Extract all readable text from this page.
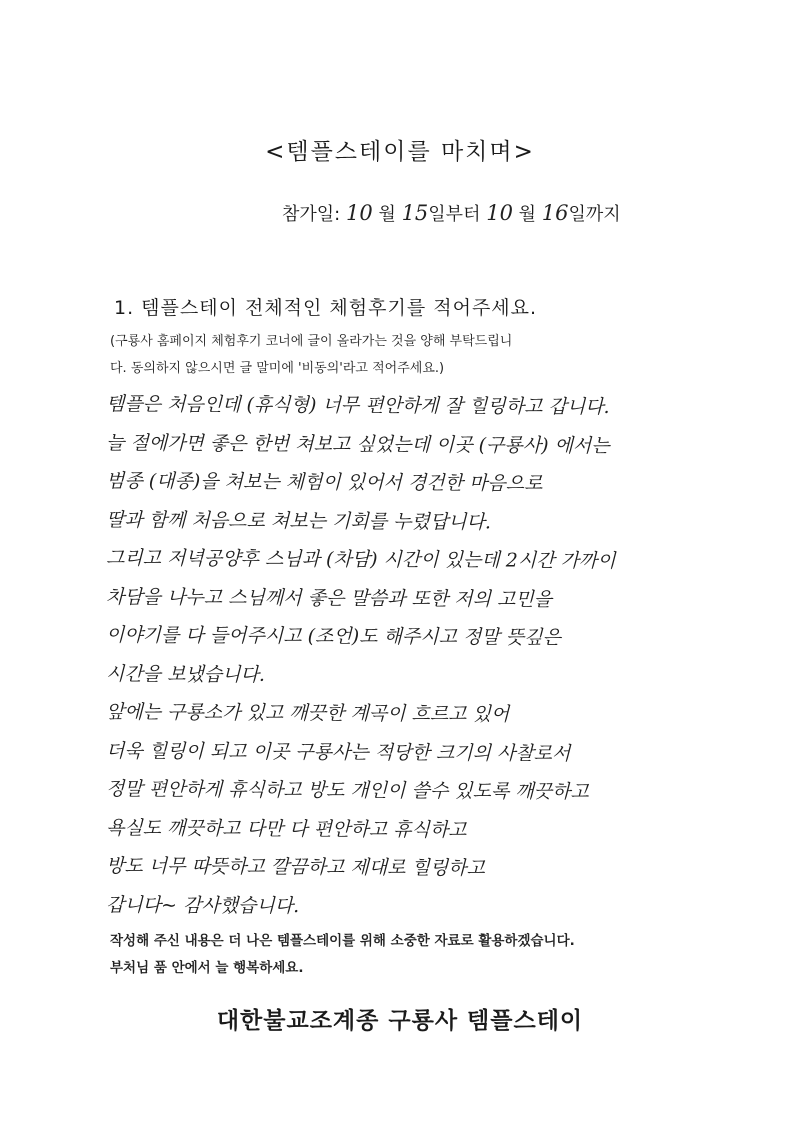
<템플스테이를 마치며>
참가일: 10 월 15일부터 10 월 16일까지
1. 템플스테이 전체적인 체험후기를 적어주세요.
(구룡사 홈페이지 체험후기 코너에 글이 올라가는 것을 양해 부탁드립니
다. 동의하지 않으시면 글 말미에 '비동의'라고 적어주세요.)
템플은 처음인데 (휴식형) 너무 편안하게 잘 힐링하고 갑니다.
늘 절에가면 좋은 한번 쳐보고 싶었는데 이곳 (구룡사) 에서는
범종 (대종)을 쳐보는 체험이 있어서 경건한 마음으로
딸과 함께 처음으로 쳐보는 기회를 누렸답니다.
그리고 저녁공양후 스님과 (차담) 시간이 있는데 2시간 가까이
차담을 나누고 스님께서 좋은 말씀과 또한 저의 고민을
이야기를 다 들어주시고 (조언)도 해주시고 정말 뜻깊은
시간을 보냈습니다.
앞에는 구룡소가 있고 깨끗한 계곡이 흐르고 있어
더욱 힐링이 되고 이곳 구룡사는 적당한 크기의 사찰로서
정말 편안하게 휴식하고 방도 개인이 쓸수 있도록 깨끗하고
욕실도 깨끗하고 다만 다 편안하고 휴식하고
방도 너무 따뜻하고 깔끔하고 제대로 힐링하고
갑니다~ 감사했습니다.
작성해 주신 내용은 더 나은 템플스테이를 위해 소중한 자료로 활용하겠습니다.
부처님 품 안에서 늘 행복하세요.
대한불교조계종 구룡사 템플스테이
